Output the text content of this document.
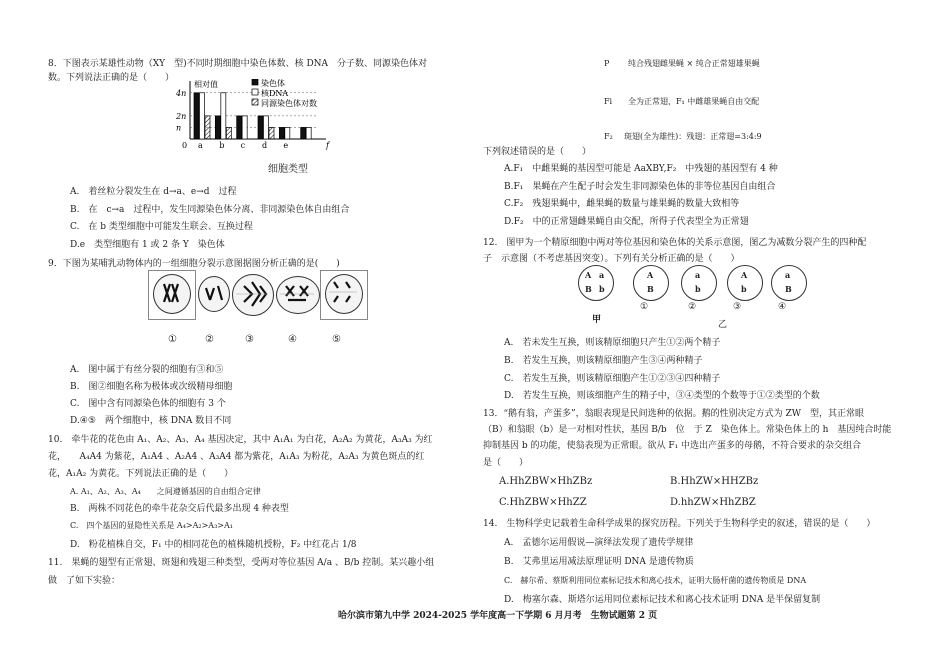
8．下图表示某雄性动物（XY　型)不同时期细胞中染色体数、核 DNA　分子数、同源染色体对
数。下列说法正确的是（　　）
0	f
相对值
n
2n
4n
a b c d e
染色体
核DNA
同源染色体对数
细胞类型
A.　着丝粒分裂发生在 d→a、e→d　过程
B.　在　c→a　过程中，发生同源染色体分离、非同源染色体自由组合
C.　在 b 类型细胞中可能发生联会、互换过程
D.e　类型细胞有 1 或 2 条 Y　染色体
9．下图为某哺乳动物体内的一组细胞分裂示意图据图分析正确的是(　　)
①	②	③	④	⑤
A.　图中属于有丝分裂的细胞有③和⑤
B.　图②细胞名称为极体或次级精母细胞
C.　图中含有同源染色体的细胞有 3 个
D.④⑤　两个细胞中，核 DNA 数目不同
10.　牵牛花的花色由 A₁、A₂、A₃、A₄ 基因决定，其中 A₁A₁ 为白花，A₂A₂ 为黄花，A₃A₃ 为红
花，　　A₄A4 为紫花，A₁A4 、A₂A4 、A₃A4 都为紫花，A₁A₃ 为粉花，A₂A₃ 为黄色斑点的红
花，A₁A₂ 为黄花。下列说法正确的是（　　）
A. A₁、A₂、A₃、A₄　　之间遵循基因的自由组合定律
B.　两株不同花色的牵牛花杂交后代最多出现 4 种表型
C.　四个基因的显隐性关系是 A₄>A₂>A₃>A₁
D.　粉花植株自交，F₁ 中的相同花色的植株随机授粉，F₂ 中红花占 1/8
11.　果蝇的翅型有正常翅、斑翅和残翅三种类型，受两对等位基因 A/a 、B/b 控制。某兴趣小组
做　了如下实验：
P 纯合残翅雌果蝇 × 纯合正常翅雄果蝇
Fi 全为正常翅，F₁ 中雌雄果蝇自由交配
F₂ 斑翅(全为雄性)：残翅：正常翅=3:4:9
下列叙述错误的是（　　）
A.F₁　中雌果蝇的基因型可能是 AaXBY,F₂　中残翅的基因型有 4 种
B.F₁　果蝇在产生配子时会发生非同源染色体的非等位基因自由组合
C.F₂　残翅果蝇中，雌果蝇的数量与雄果蝇的数量大致相等
D.F₂　中的正常翅雌果蝇自由交配，所得子代表型全为正常翅
12.　图甲为一个精原细胞中两对等位基因和染色体的关系示意图，图乙为减数分裂产生的四种配
子　示意图（不考虑基因突变）。下列有关分析正确的是（　　）
A a
B b
A
B
a
b
A
b
a
B
①	②	③	④
甲	乙
A.　若未发生互换，则该精原细胞只产生①②两个精子
B.　若发生互换，则该精原细胞产生③④两种精子
C.　若发生互换，则该精原细胞产生①②③④四种精子
D.　若发生互换，则该细胞产生的精子中，③④类型的个数等于①②类型的个数
13．“鹅有翁，产蛋多”，翁眼表现是民间选种的依据。鹅的性别决定方式为 ZW　型，其正常眼
（B）和翁眼（b）是一对相对性状，基因 B/b　位　于 Z　染色体上。常染色体上的 h　基因纯合时能
抑制基因 b 的功能，使翁表现为正常眼。欲从 F₁ 中选出产蛋多的母鹅，不符合要求的杂交组合
是（　　）
A.HhZBW×HhZBz	B.HhZW×HHZBz
C.HhZBW×HhZZ	D.hhZW×HhZBZ
14.　生物科学史记载着生命科学成果的探究历程。下列关于生物科学史的叙述，错误的是（　　）
A.　孟德尔运用假说—演绎法发现了遗传学规律
B.　艾弗里运用减法原理证明 DNA 是遗传物质
C.　赫尔希、蔡斯利用同位素标记技术和离心技术，证明大肠杆菌的遗传物质是 DNA
D.　梅塞尔森、斯塔尔运用同位素标记技术和离心技术证明 DNA 是半保留复制
哈尔滨市第九中学 2024-2025 学年度高一下学期 6 月月考　生物试题第 2 页
